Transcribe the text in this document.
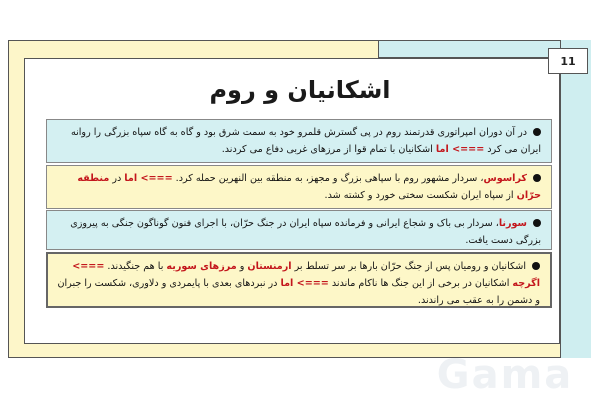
11
اشکانیان و روم
در آن دوران امپراتوری قدرتمند روم در پی گسترش قلمرو خود به سمت شرق بود و گاه به گاه سپاه بزرگی را روانه ایران می کرد ===> اما اشکانیان با تمام قوا از مرزهای غربی دفاع می کردند.
کراسوس، سردار مشهور روم با سپاهی بزرگ و مجهز، به منطقه بین النهرین حمله کرد. ===> اما در منطقه حرّان از سپاه ایران شکست سختی خورد و کشته شد.
سورنا، سردار بی باک و شجاع ایرانی و فرمانده سپاه ایران در جنگ حرّان، با اجرای فنون گوناگون جنگی به پیروزی بزرگی دست یافت.
اشکانیان و رومیان پس از جنگ حرّان بارها بر سر تسلط بر ارمنستان و مرزهای سوریه با هم جنگیدند. ===> اگرچه اشکانیان در برخی از این جنگ ها ناکام ماندند ===> اما در نبردهای بعدی با پایمردی و دلاوری، شکست را جبران و دشمن را به عقب می راندند.
Gama
